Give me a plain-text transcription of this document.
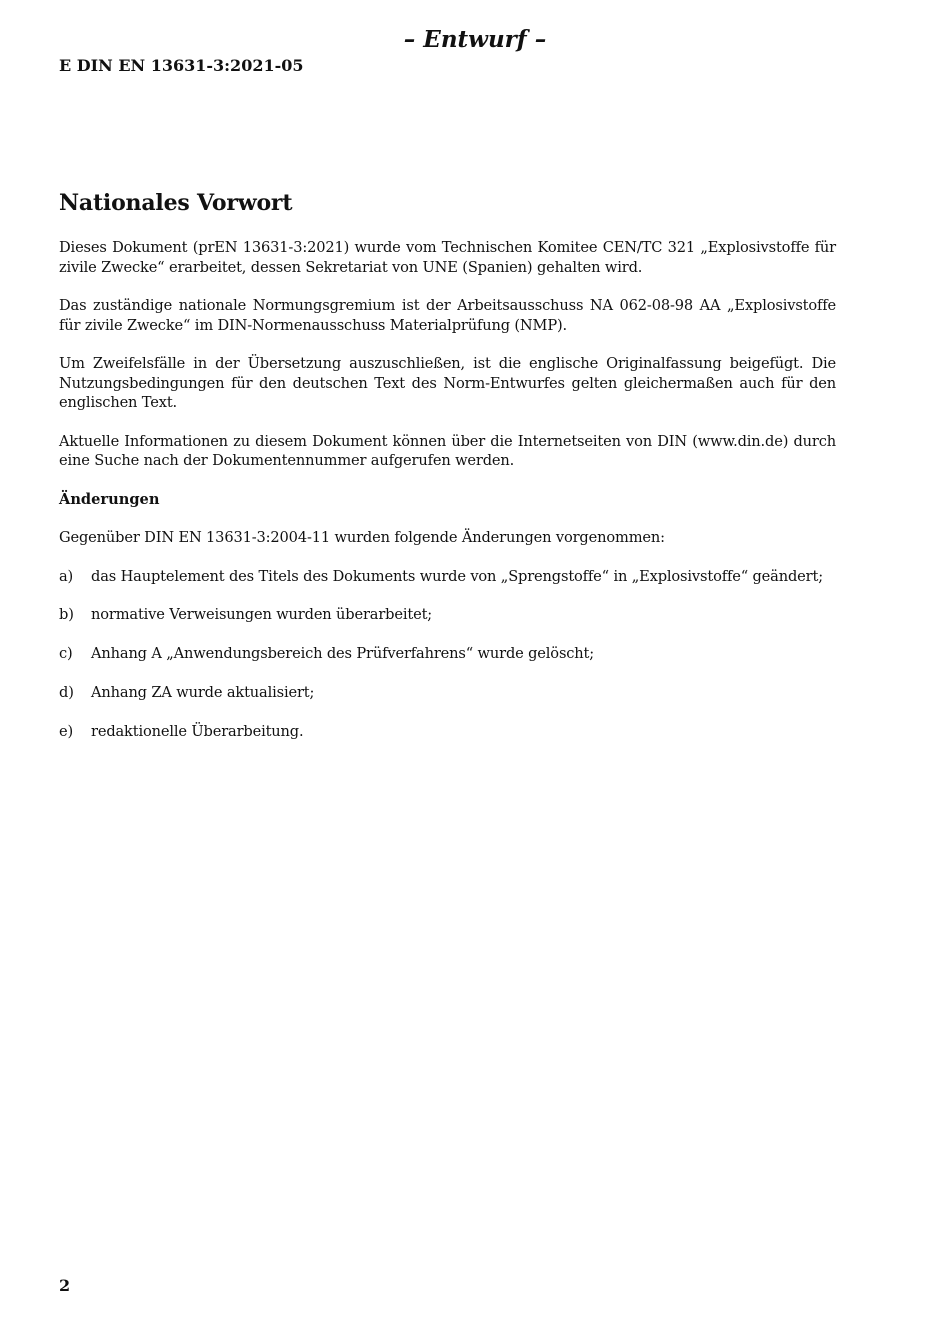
– Entwurf –
E DIN EN 13631-3:2021-05
Nationales Vorwort

Dieses Dokument (prEN 13631-3:2021) wurde vom Technischen Komitee CEN/TC 321 „Explosivstoffe für zivile Zwecke“ erarbeitet, dessen Sekretariat von UNE (Spanien) gehalten wird.

Das zuständige nationale Normungsgremium ist der Arbeitsausschuss NA 062-08-98 AA „Explosivstoffe für zivile Zwecke“ im DIN-Normenausschuss Materialprüfung (NMP).

Um Zweifelsfälle in der Übersetzung auszuschließen, ist die englische Originalfassung beigefügt. Die Nutzungsbedingungen für den deutschen Text des Norm-Entwurfes gelten gleichermaßen auch für den englischen Text.

Aktuelle Informationen zu diesem Dokument können über die Internetseiten von DIN (www.din.de) durch eine Suche nach der Dokumentennummer aufgerufen werden.

Änderungen

Gegenüber DIN EN 13631-3:2004-11 wurden folgende Änderungen vorgenommen:

a)	das Hauptelement des Titels des Dokuments wurde von „Sprengstoffe“ in „Explosivstoffe“ geändert;
b)	normative Verweisungen wurden überarbeitet;
c)	Anhang A „Anwendungsbereich des Prüfverfahrens“ wurde gelöscht;
d)	Anhang ZA wurde aktualisiert;
e)	redaktionelle Überarbeitung.
2
